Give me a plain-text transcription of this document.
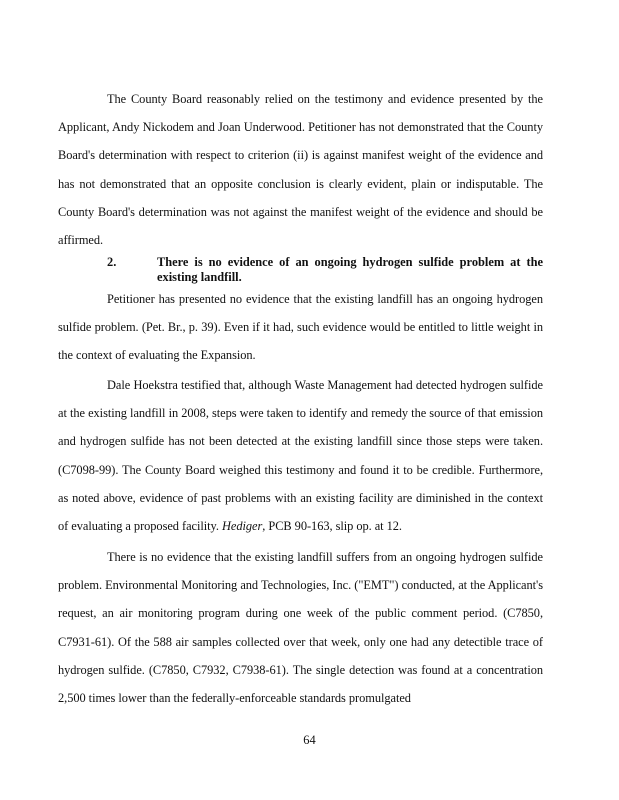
The County Board reasonably relied on the testimony and evidence presented by the Applicant, Andy Nickodem and Joan Underwood. Petitioner has not demonstrated that the County Board's determination with respect to criterion (ii) is against manifest weight of the evidence and has not demonstrated that an opposite conclusion is clearly evident, plain or indisputable. The County Board's determination was not against the manifest weight of the evidence and should be affirmed.

2.	There is no evidence of an ongoing hydrogen sulfide problem at the existing landfill.

Petitioner has presented no evidence that the existing landfill has an ongoing hydrogen sulfide problem. (Pet. Br., p. 39). Even if it had, such evidence would be entitled to little weight in the context of evaluating the Expansion.

Dale Hoekstra testified that, although Waste Management had detected hydrogen sulfide at the existing landfill in 2008, steps were taken to identify and remedy the source of that emission and hydrogen sulfide has not been detected at the existing landfill since those steps were taken. (C7098-99). The County Board weighed this testimony and found it to be credible. Furthermore, as noted above, evidence of past problems with an existing facility are diminished in the context of evaluating a proposed facility. Hediger, PCB 90-163, slip op. at 12.

There is no evidence that the existing landfill suffers from an ongoing hydrogen sulfide problem. Environmental Monitoring and Technologies, Inc. ("EMT") conducted, at the Applicant's request, an air monitoring program during one week of the public comment period. (C7850, C7931-61). Of the 588 air samples collected over that week, only one had any detectible trace of hydrogen sulfide. (C7850, C7932, C7938-61). The single detection was found at a concentration 2,500 times lower than the federally-enforceable standards promulgated

64
